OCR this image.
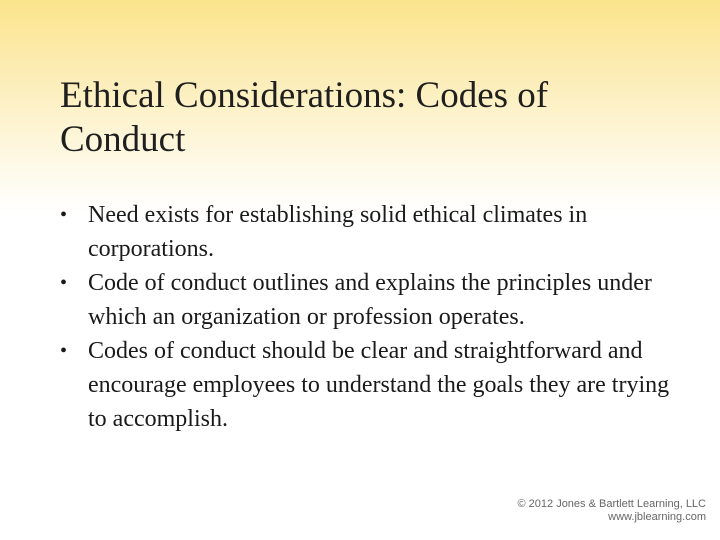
Ethical Considerations: Codes of Conduct
• Need exists for establishing solid ethical climates in corporations.
• Code of conduct outlines and explains the principles under which an organization or profession operates.
• Codes of conduct should be clear and straightforward and encourage employees to understand the goals they are trying to accomplish.
© 2012 Jones & Bartlett Learning, LLC
www.jblearning.com
